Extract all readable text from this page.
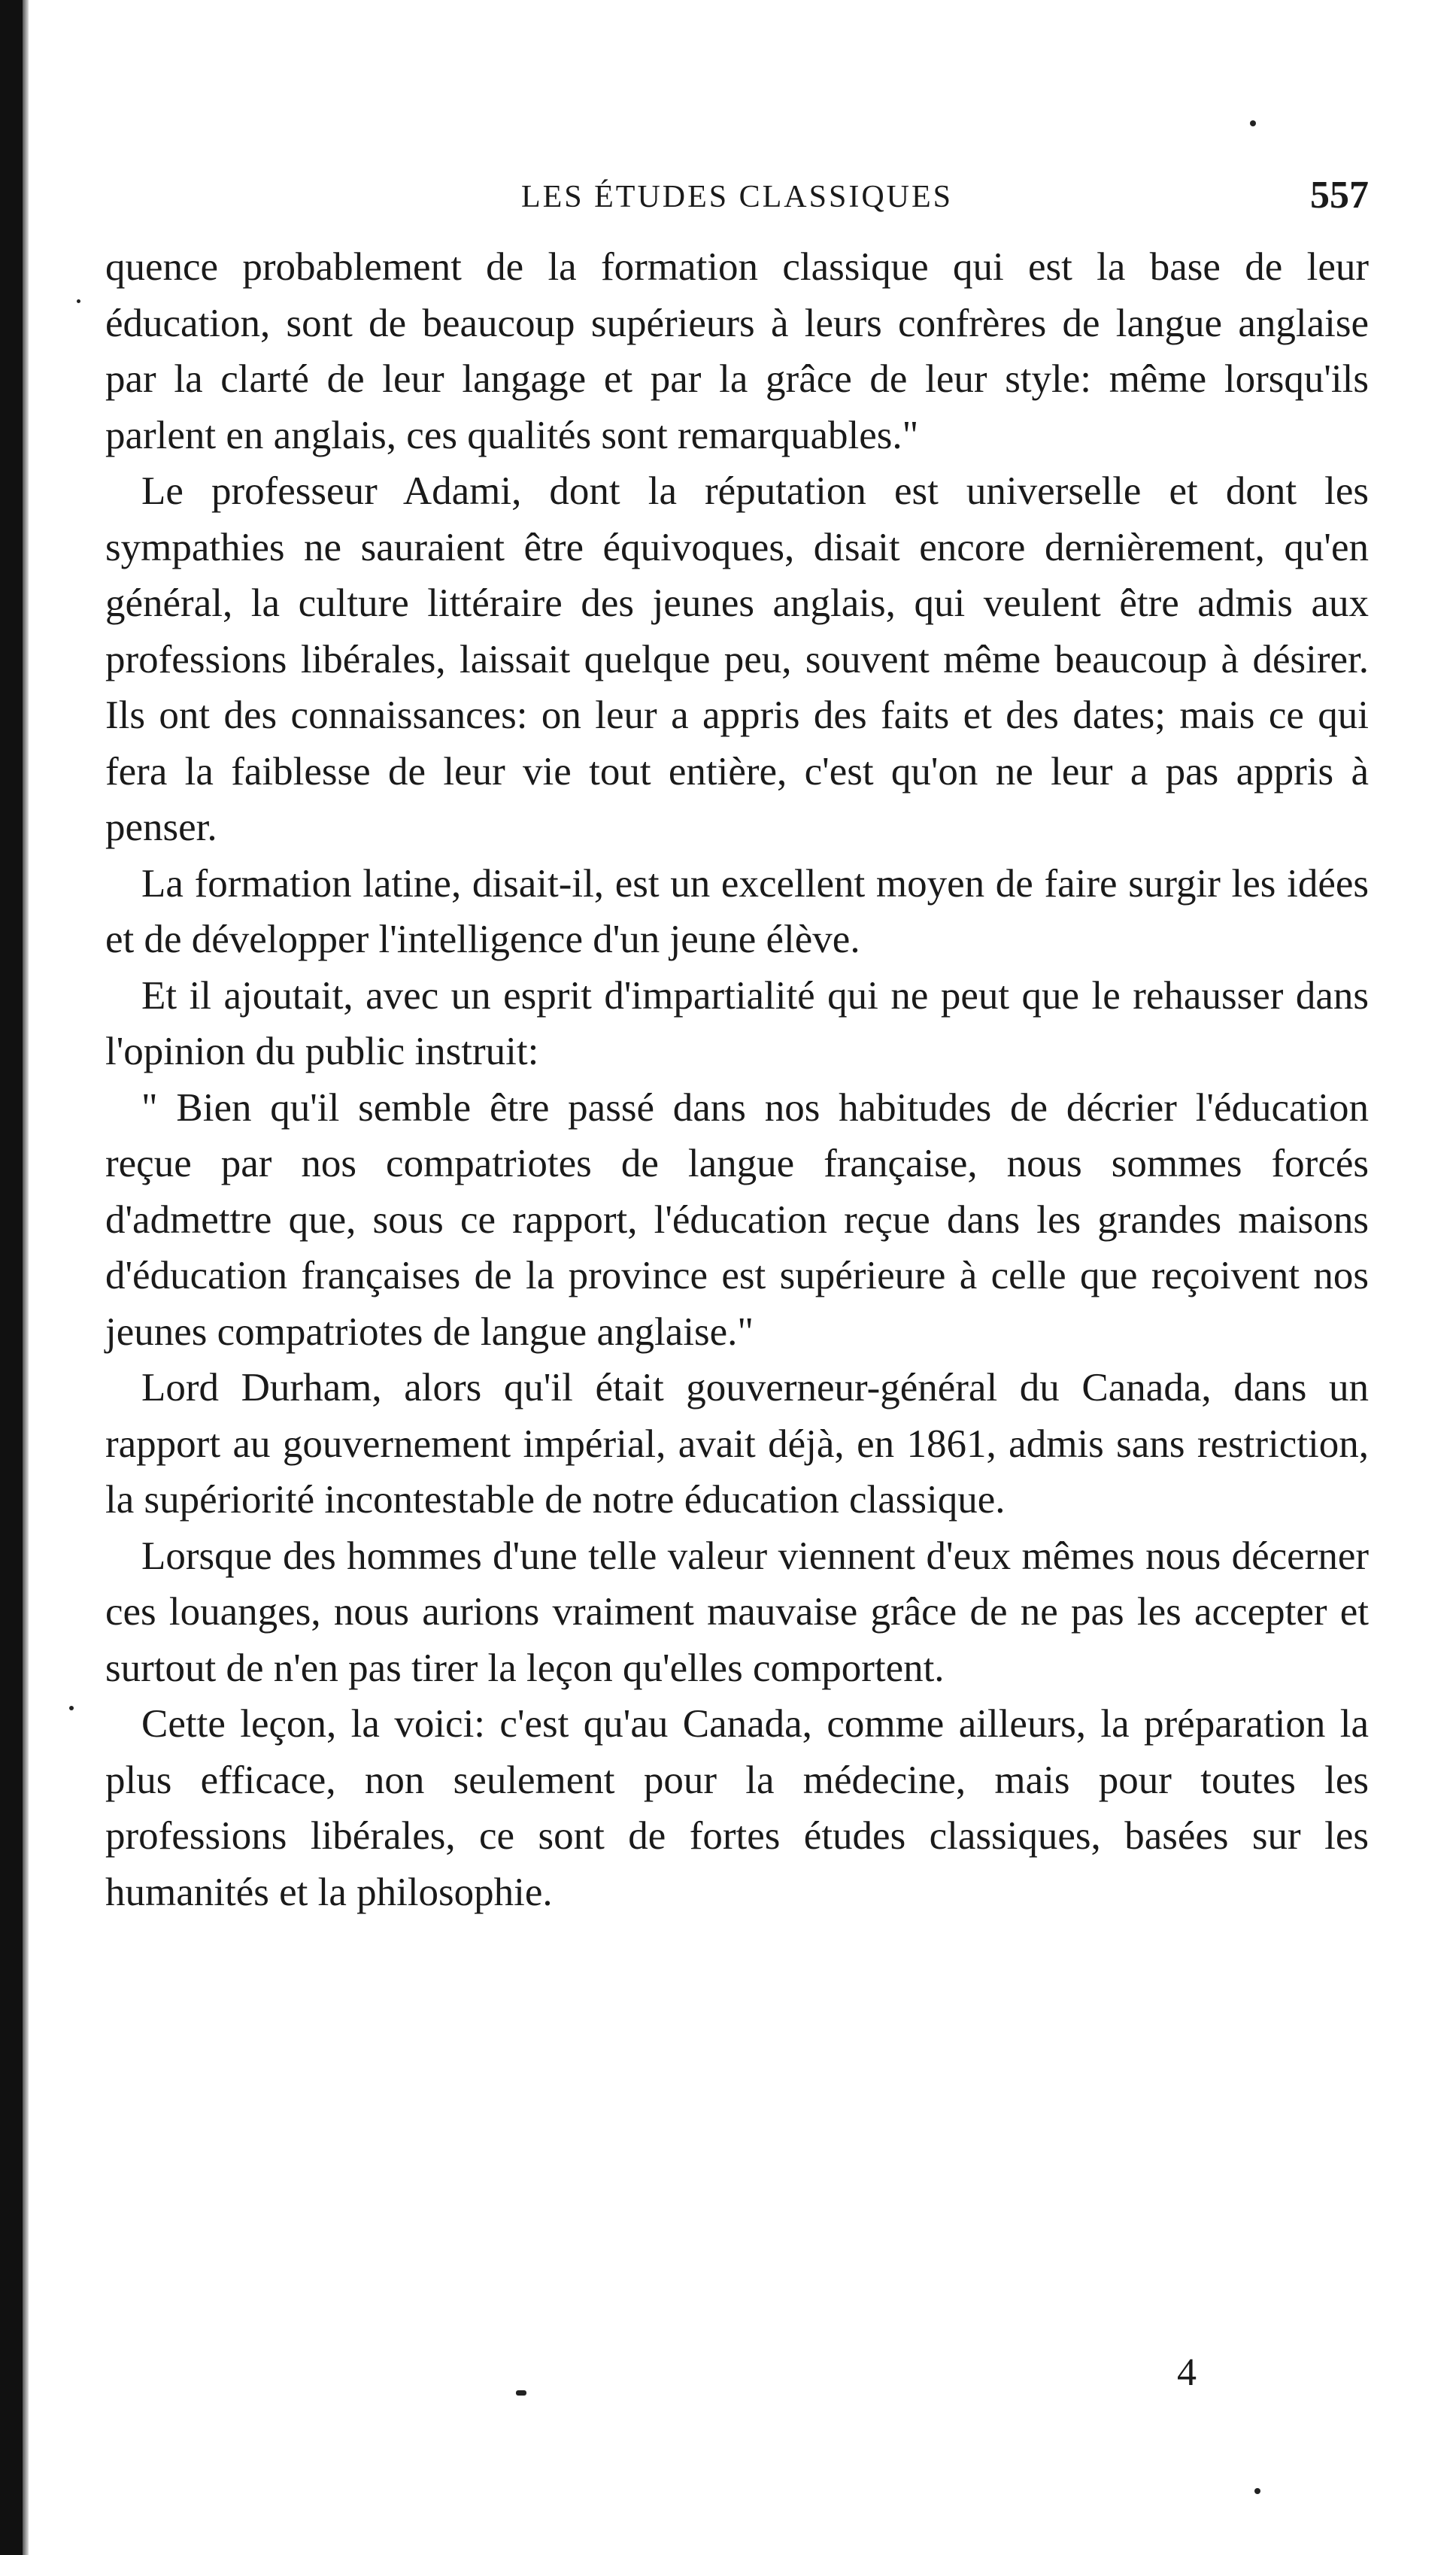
LES ÉTUDES CLASSIQUES	557

quence probablement de la formation classique qui est la base de leur éducation, sont de beaucoup supérieurs à leurs confrères de langue anglaise par la clarté de leur langage et par la grâce de leur style: même lorsqu'ils parlent en anglais, ces qualités sont remarquables."

Le professeur Adami, dont la réputation est universelle et dont les sympathies ne sauraient être équivoques, disait encore dernièrement, qu'en général, la culture littéraire des jeunes anglais, qui veulent être admis aux professions libérales, laissait quelque peu, souvent même beaucoup à désirer. Ils ont des connaissances: on leur a appris des faits et des dates; mais ce qui fera la faiblesse de leur vie tout entière, c'est qu'on ne leur a pas appris à penser.

La formation latine, disait-il, est un excellent moyen de faire surgir les idées et de développer l'intelligence d'un jeune élève.

Et il ajoutait, avec un esprit d'impartialité qui ne peut que le rehausser dans l'opinion du public instruit:

" Bien qu'il semble être passé dans nos habitudes de décrier l'éducation reçue par nos compatriotes de langue française, nous sommes forcés d'admettre que, sous ce rapport, l'éducation reçue dans les grandes maisons d'éducation françaises de la province est supérieure à celle que reçoivent nos jeunes compatriotes de langue anglaise."

Lord Durham, alors qu'il était gouverneur-général du Canada, dans un rapport au gouvernement impérial, avait déjà, en 1861, admis sans restriction, la supériorité incontestable de notre éducation classique.

Lorsque des hommes d'une telle valeur viennent d'eux mêmes nous décerner ces louanges, nous aurions vraiment mauvaise grâce de ne pas les accepter et surtout de n'en pas tirer la leçon qu'elles comportent.

Cette leçon, la voici: c'est qu'au Canada, comme ailleurs, la préparation la plus efficace, non seulement pour la médecine, mais pour toutes les professions libérales, ce sont de fortes études classiques, basées sur les humanités et la philosophie.

4
